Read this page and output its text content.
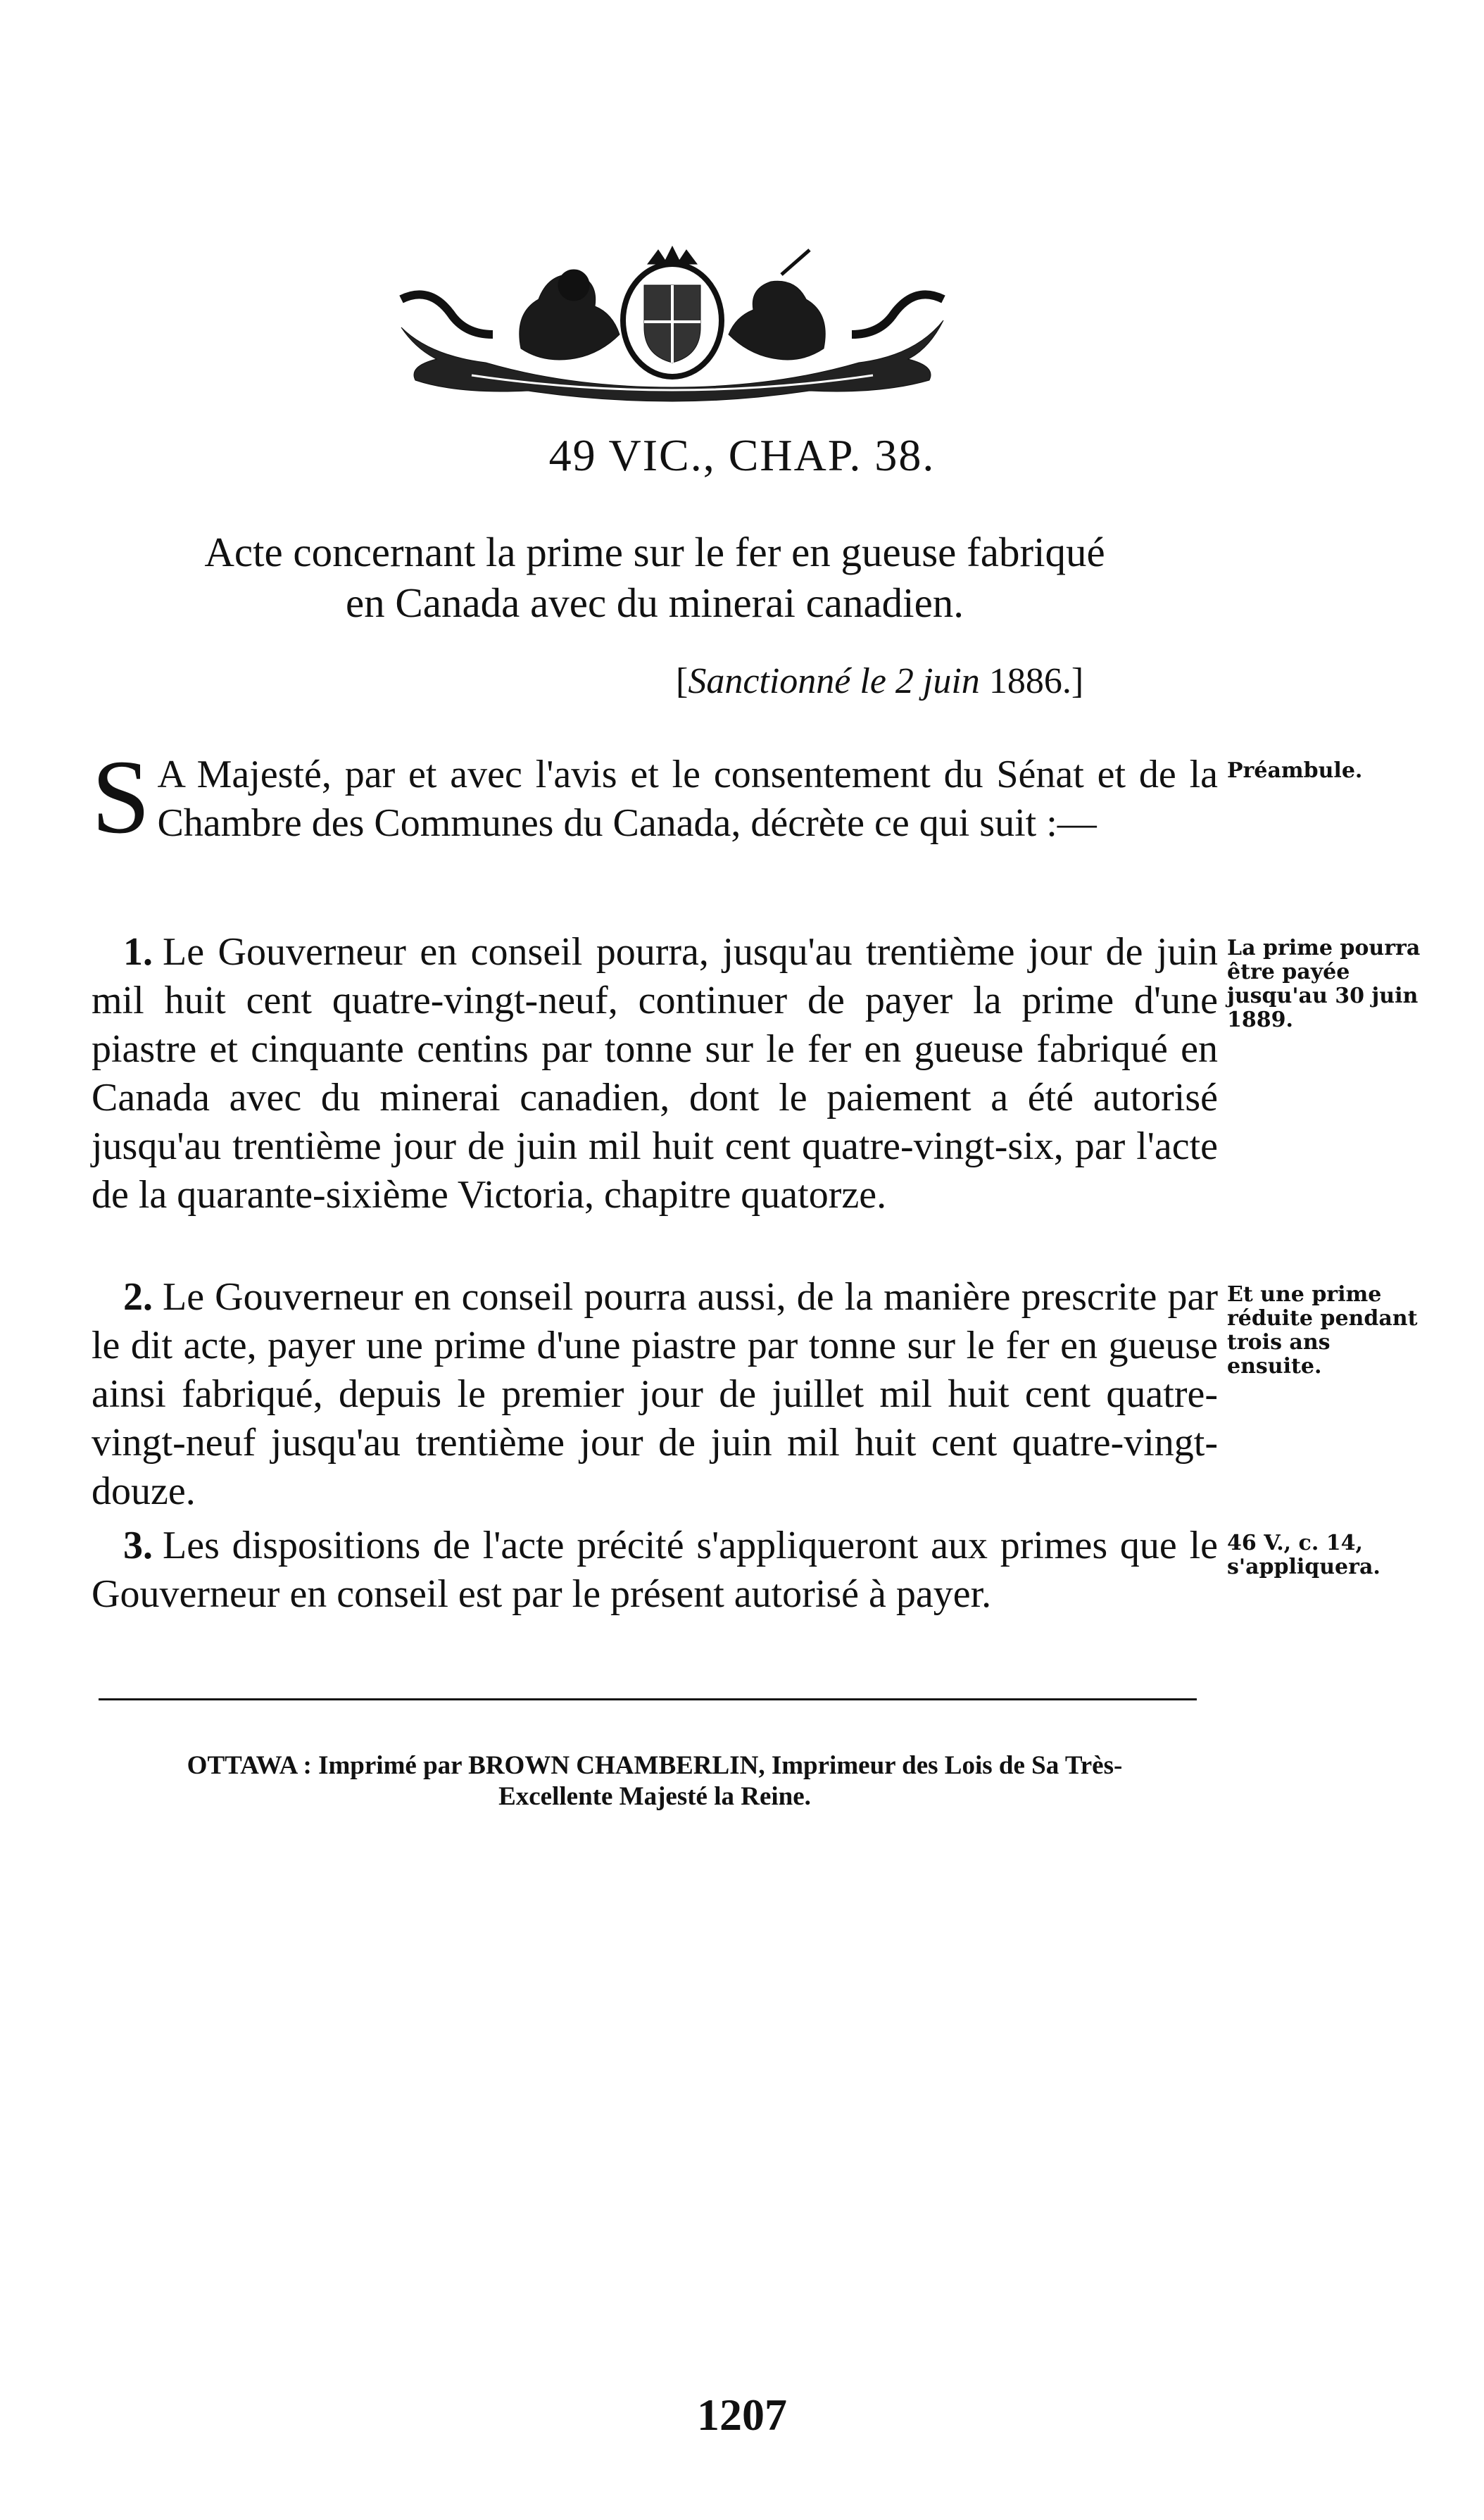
49 VIC., CHAP. 38.
Acte concernant la prime sur le fer en gueuse fabriqué
en Canada avec du minerai canadien.
[Sanctionné le 2 juin 1886.]
S A Majesté, par et avec l'avis et le consentement du Sénat et de la Chambre des Communes du Canada, décrète ce qui suit :—

Préambule.

1. Le Gouverneur en conseil pourra, jusqu'au trentième jour de juin mil huit cent quatre-vingt-neuf, continuer de payer la prime d'une piastre et cinquante centins par tonne sur le fer en gueuse fabriqué en Canada avec du minerai canadien, dont le paiement a été autorisé jusqu'au trentième jour de juin mil huit cent quatre-vingt-six, par l'acte de la quarante-sixième Victoria, chapitre quatorze.

La prime pourra être payée jusqu'au 30 juin 1889.

2. Le Gouverneur en conseil pourra aussi, de la manière prescrite par le dit acte, payer une prime d'une piastre par tonne sur le fer en gueuse ainsi fabriqué, depuis le premier jour de juillet mil huit cent quatre-vingt-neuf jusqu'au trentième jour de juin mil huit cent quatre-vingt-douze.

Et une prime réduite pendant trois ans ensuite.

3. Les dispositions de l'acte précité s'appliqueront aux primes que le Gouverneur en conseil est par le présent autorisé à payer.

46 V., c. 14, s'appliquera.
OTTAWA : Imprimé par BROWN CHAMBERLIN, Imprimeur des Lois de Sa Très-
Excellente Majesté la Reine.
1207
